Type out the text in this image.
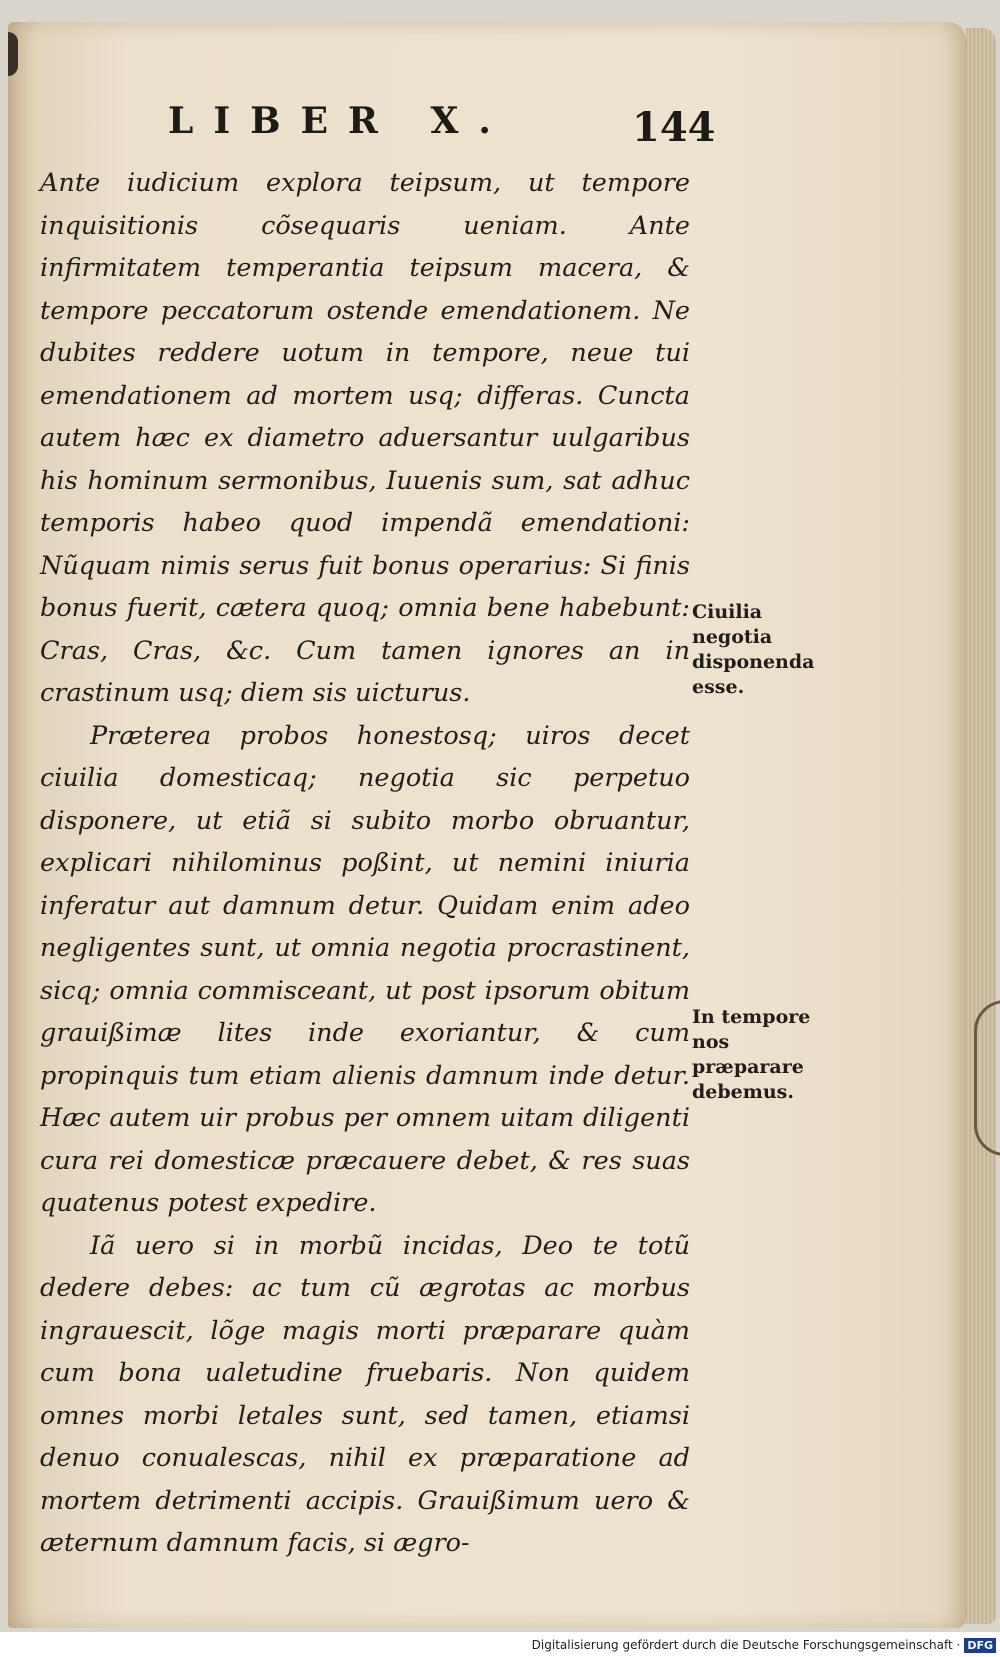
LIBER X.	144

Ante iudicium explora teipsum, ut tempore inquisitionis cõsequaris ueniam. Ante infirmitatem temperantia teipsum macera, & tempore peccatorum ostende emendationem. Ne dubites reddere uotum in tempore, neue tui emendationem ad mortem usq; differas. Cuncta autem hæc ex diametro aduersantur uulgaribus his hominum sermonibus, Iuuenis sum, sat adhuc temporis habeo quod impendã emendationi: Nũquam nimis serus fuit bonus operarius: Si finis bonus fuerit, cætera quoq; omnia bene habebunt: Cras, Cras, &c. Cum tamen ignores an in crastinum usq; diem sis uicturus.

Præterea probos honestosq; uiros decet ciuilia domesticaq; negotia sic perpetuo disponere, ut etiã si subito morbo obruantur, explicari nihilominus poßint, ut nemini iniuria inferatur aut damnum detur. Quidam enim adeo negligentes sunt, ut omnia negotia procrastinent, sicq; omnia commisceant, ut post ipsorum obitum grauißimæ lites inde exoriantur, & cum propinquis tum etiam alienis damnum inde detur. Hæc autem uir probus per omnem uitam diligenti cura rei domesticæ præcauere debet, & res suas quatenus potest expedire.

Iã uero si in morbũ incidas, Deo te totũ dedere debes: ac tum cũ ægrotas ac morbus ingrauescit, lõge magis morti præparare quàm cum bona ualetudine fruebaris. Non quidem omnes morbi letales sunt, sed tamen, etiamsi denuo conualescas, nihil ex præparatione ad mortem detrimenti accipis. Grauißimum uero & æternum damnum facis, si ægro-

Ciuilia negotia disponenda esse.
In tempore nos præparare debemus.
Digitalisierung gefördert durch die Deutsche Forschungsgemeinschaft · DFG
